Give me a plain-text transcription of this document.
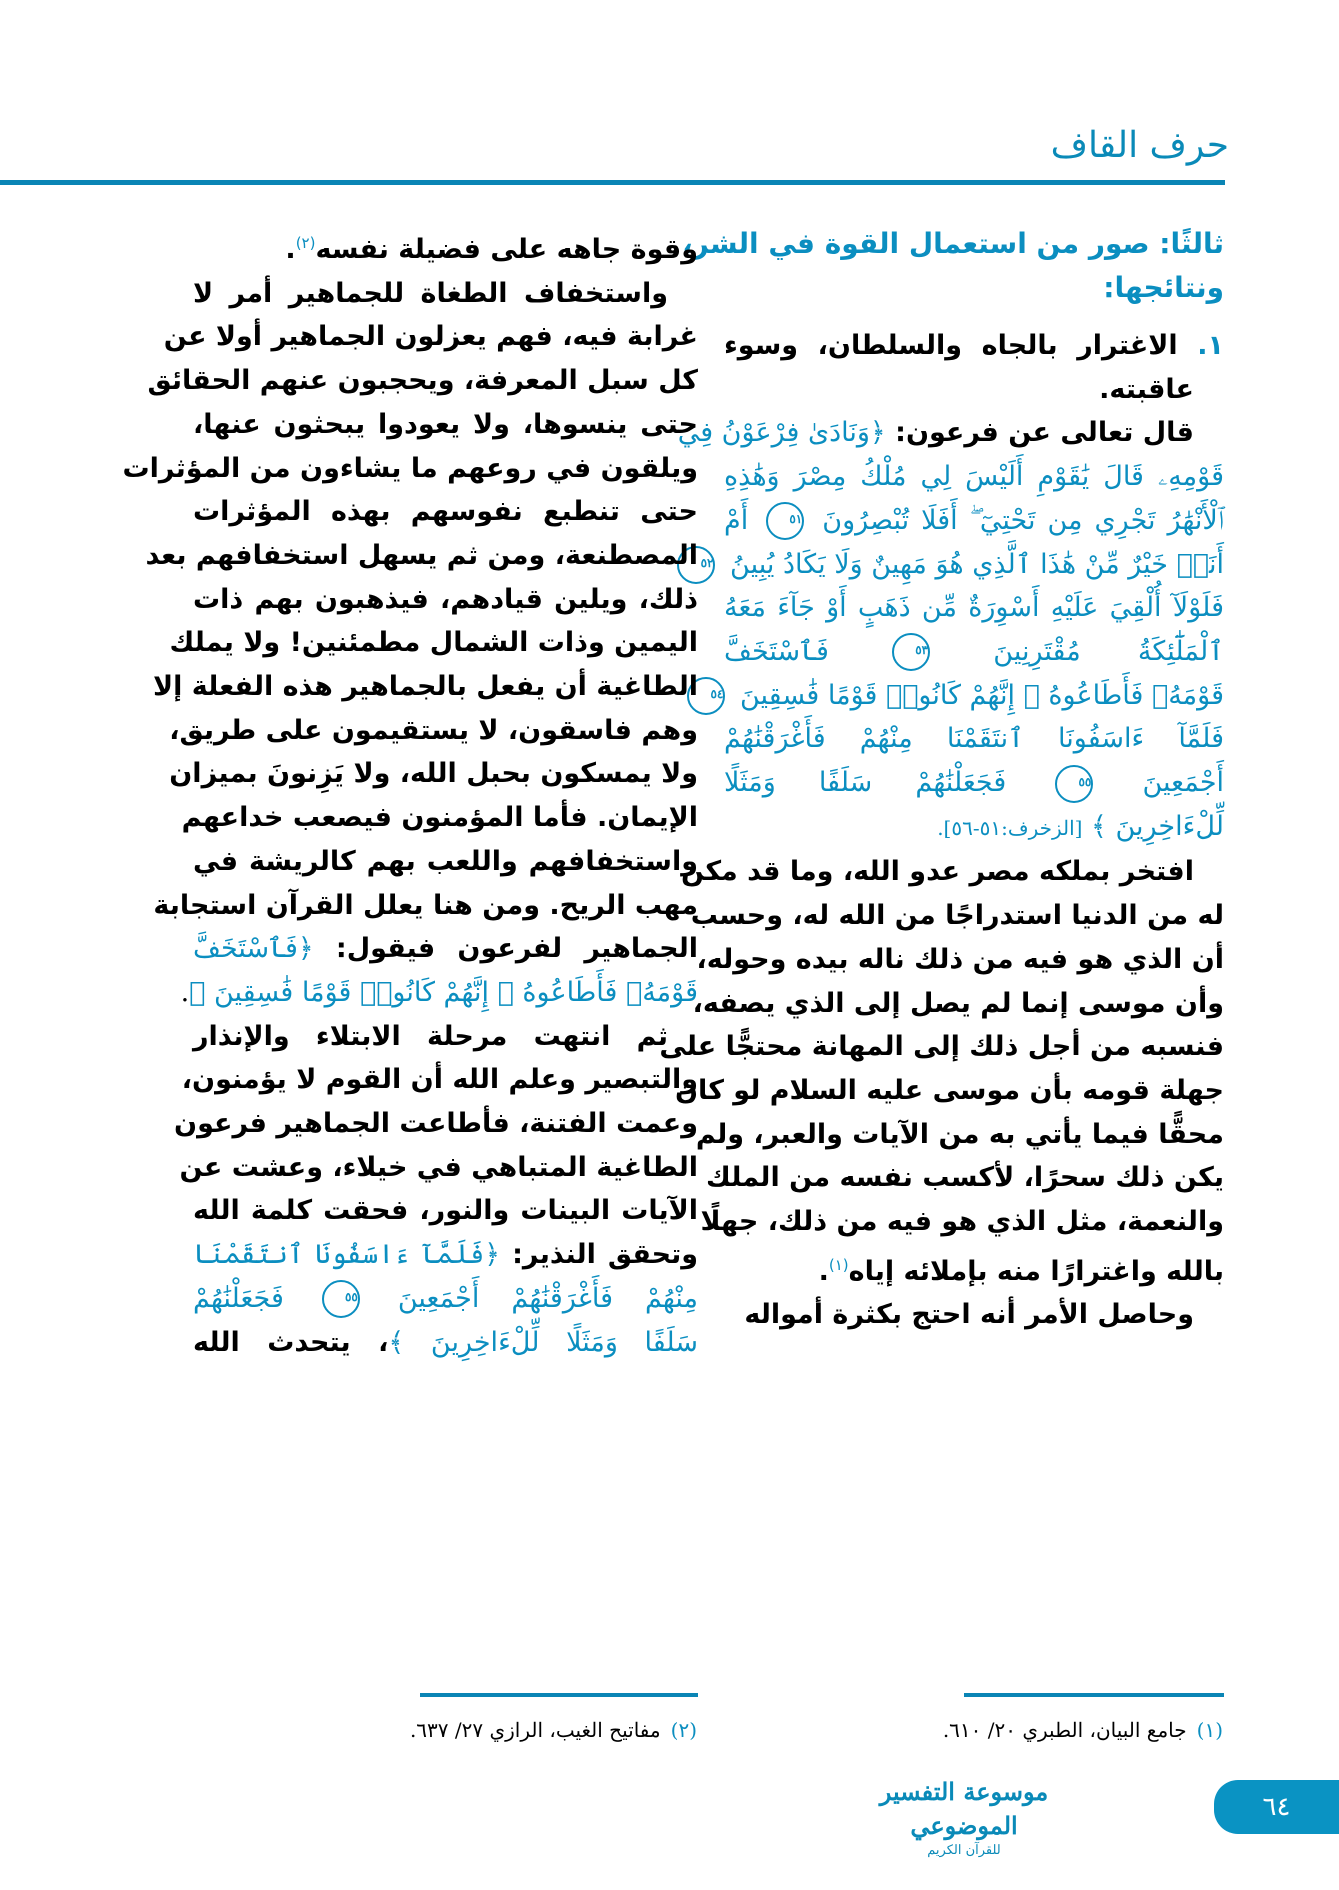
حرف القاف
ثالثًا: صور من استعمال القوة في الشر،
ونتائجها:
١. الاغترار بالجاه والسلطان، وسوء
عاقبته.
قال تعالى عن فرعون: ﴿وَنَادَىٰ فِرْعَوْنُ فِي
قَوْمِهِۦ قَالَ يَٰقَوْمِ أَلَيْسَ لِي مُلْكُ مِصْرَ وَهَٰذِهِ
ٱلْأَنْهَٰرُ تَجْرِي مِن تَحْتِيٓ ۖ أَفَلَا تُبْصِرُونَ ٥١ أَمْ
أَنَا۠ خَيْرٌ مِّنْ هَٰذَا ٱلَّذِي هُوَ مَهِينٌ وَلَا يَكَادُ يُبِينُ ٥٢
فَلَوْلَآ أُلْقِيَ عَلَيْهِ أَسْوِرَةٌ مِّن ذَهَبٍ أَوْ جَآءَ مَعَهُ
ٱلْمَلَٰٓئِكَةُ مُقْتَرِنِينَ ٥٣ فَٱسْتَخَفَّ
قَوْمَهُۥ فَأَطَاعُوهُ ۚ إِنَّهُمْ كَانُوا۟ قَوْمًا فَٰسِقِينَ ٥٤
فَلَمَّآ ءَاسَفُونَا ٱنتَقَمْنَا مِنْهُمْ فَأَغْرَقْنَٰهُمْ
أَجْمَعِينَ ٥٥ فَجَعَلْنَٰهُمْ سَلَفًا وَمَثَلًا
لِّلْءَاخِرِينَ ﴾ [الزخرف:٥١-٥٦].
افتخر بملكه مصر عدو الله، وما قد مكن
له من الدنيا استدراجًا من الله له، وحسب
أن الذي هو فيه من ذلك ناله بيده وحوله،
وأن موسى إنما لم يصل إلى الذي يصفه،
فنسبه من أجل ذلك إلى المهانة محتجًّا على
جهلة قومه بأن موسى عليه السلام لو كان
محقًّا فيما يأتي به من الآيات والعبر، ولم
يكن ذلك سحرًا، لأكسب نفسه من الملك
والنعمة، مثل الذي هو فيه من ذلك، جهلًا
بالله واغترارًا منه بإملائه إياه$^{(١)}$.
وحاصل الأمر أنه احتج بكثرة أمواله
وقوة جاهه على فضيلة نفسه$^{(٢)}$.
واستخفاف الطغاة للجماهير أمر لا
غرابة فيه، فهم يعزلون الجماهير أولا عن
كل سبل المعرفة، ويحجبون عنهم الحقائق
حتى ينسوها، ولا يعودوا يبحثون عنها،
ويلقون في روعهم ما يشاءون من المؤثرات
حتى تنطبع نفوسهم بهذه المؤثرات
المصطنعة، ومن ثم يسهل استخفافهم بعد
ذلك، ويلين قيادهم، فيذهبون بهم ذات
اليمين وذات الشمال مطمئنين! ولا يملك
الطاغية أن يفعل بالجماهير هذه الفعلة إلا
وهم فاسقون، لا يستقيمون على طريق،
ولا يمسكون بحبل الله، ولا يَزِنونَ بميزان
الإيمان. فأما المؤمنون فيصعب خداعهم
واستخفافهم واللعب بهم كالريشة في
مهب الريح. ومن هنا يعلل القرآن استجابة
الجماهير لفرعون فيقول: ﴿فَٱسْتَخَفَّ
قَوْمَهُۥ فَأَطَاعُوهُ ۚ إِنَّهُمْ كَانُوا۟ قَوْمًا فَٰسِقِينَ ﴾.
ثم انتهت مرحلة الابتلاء والإنذار
والتبصير وعلم الله أن القوم لا يؤمنون،
وعمت الفتنة، فأطاعت الجماهير فرعون
الطاغية المتباهي في خيلاء، وعشت عن
الآيات البينات والنور، فحقت كلمة الله
وتحقق النذير: ﴿فَلَمَّآ ءَاسَفُونَا ٱنتَقَمْنَا
مِنْهُمْ فَأَغْرَقْنَٰهُمْ أَجْمَعِينَ ٥٥ فَجَعَلْنَٰهُمْ
سَلَفًا وَمَثَلًا لِّلْءَاخِرِينَ ﴾، يتحدث الله
(١)جامع البيان، الطبري ٢٠/ ٦١٠.
(٢)مفاتيح الغيب، الرازي ٢٧/ ٦٣٧.
موسوعة التفسير الموضوعي
للقرآن الكريم
٦٤
